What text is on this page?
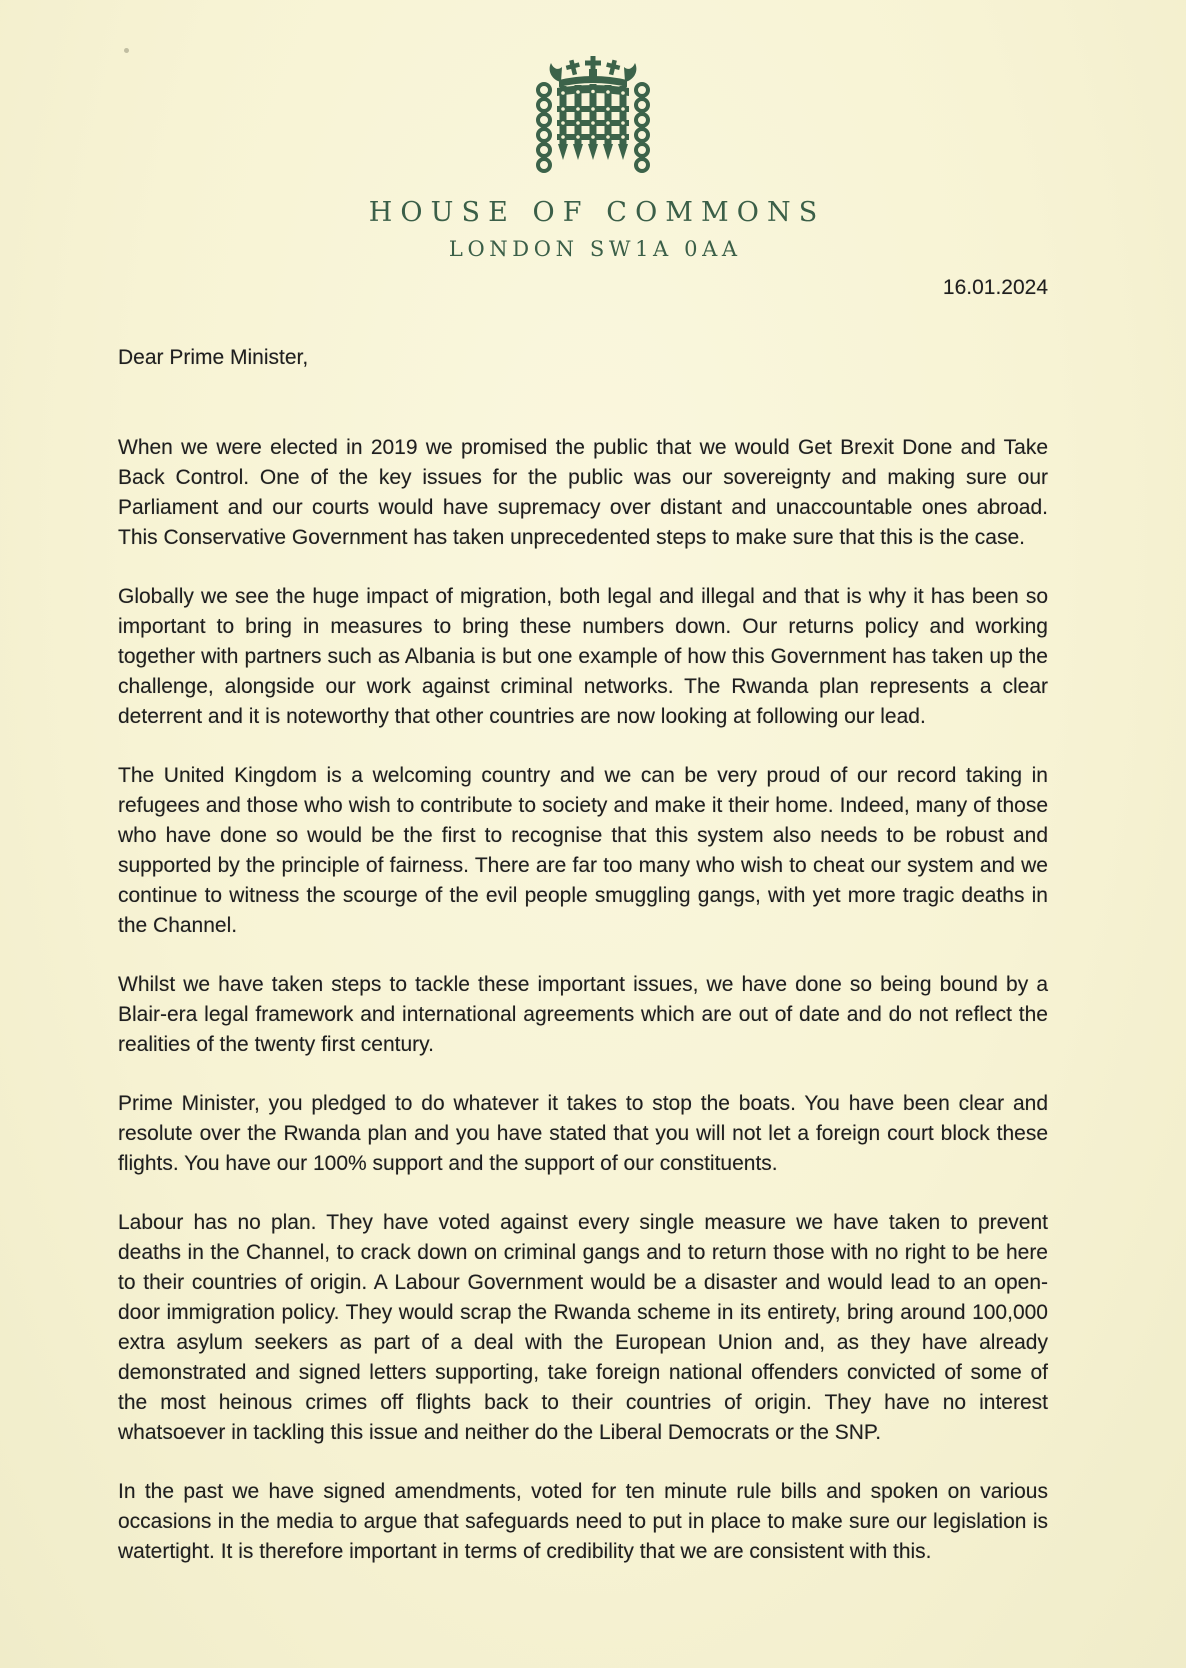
HOUSE OF COMMONS
LONDON SW1A 0AA
16.01.2024
Dear Prime Minister,

When we were elected in 2019 we promised the public that we would Get Brexit Done and Take Back Control. One of the key issues for the public was our sovereignty and making sure our Parliament and our courts would have supremacy over distant and unaccountable ones abroad. This Conservative Government has taken unprecedented steps to make sure that this is the case.

Globally we see the huge impact of migration, both legal and illegal and that is why it has been so important to bring in measures to bring these numbers down. Our returns policy and working together with partners such as Albania is but one example of how this Government has taken up the challenge, alongside our work against criminal networks. The Rwanda plan represents a clear deterrent and it is noteworthy that other countries are now looking at following our lead.

The United Kingdom is a welcoming country and we can be very proud of our record taking in refugees and those who wish to contribute to society and make it their home. Indeed, many of those who have done so would be the first to recognise that this system also needs to be robust and supported by the principle of fairness. There are far too many who wish to cheat our system and we continue to witness the scourge of the evil people smuggling gangs, with yet more tragic deaths in the Channel.

Whilst we have taken steps to tackle these important issues, we have done so being bound by a Blair-era legal framework and international agreements which are out of date and do not reflect the realities of the twenty first century.

Prime Minister, you pledged to do whatever it takes to stop the boats. You have been clear and resolute over the Rwanda plan and you have stated that you will not let a foreign court block these flights. You have our 100% support and the support of our constituents.

Labour has no plan. They have voted against every single measure we have taken to prevent deaths in the Channel, to crack down on criminal gangs and to return those with no right to be here to their countries of origin. A Labour Government would be a disaster and would lead to an open-door immigration policy. They would scrap the Rwanda scheme in its entirety, bring around 100,000 extra asylum seekers as part of a deal with the European Union and, as they have already demonstrated and signed letters supporting, take foreign national offenders convicted of some of the most heinous crimes off flights back to their countries of origin. They have no interest whatsoever in tackling this issue and neither do the Liberal Democrats or the SNP.

In the past we have signed amendments, voted for ten minute rule bills and spoken on various occasions in the media to argue that safeguards need to put in place to make sure our legislation is watertight. It is therefore important in terms of credibility that we are consistent with this.
